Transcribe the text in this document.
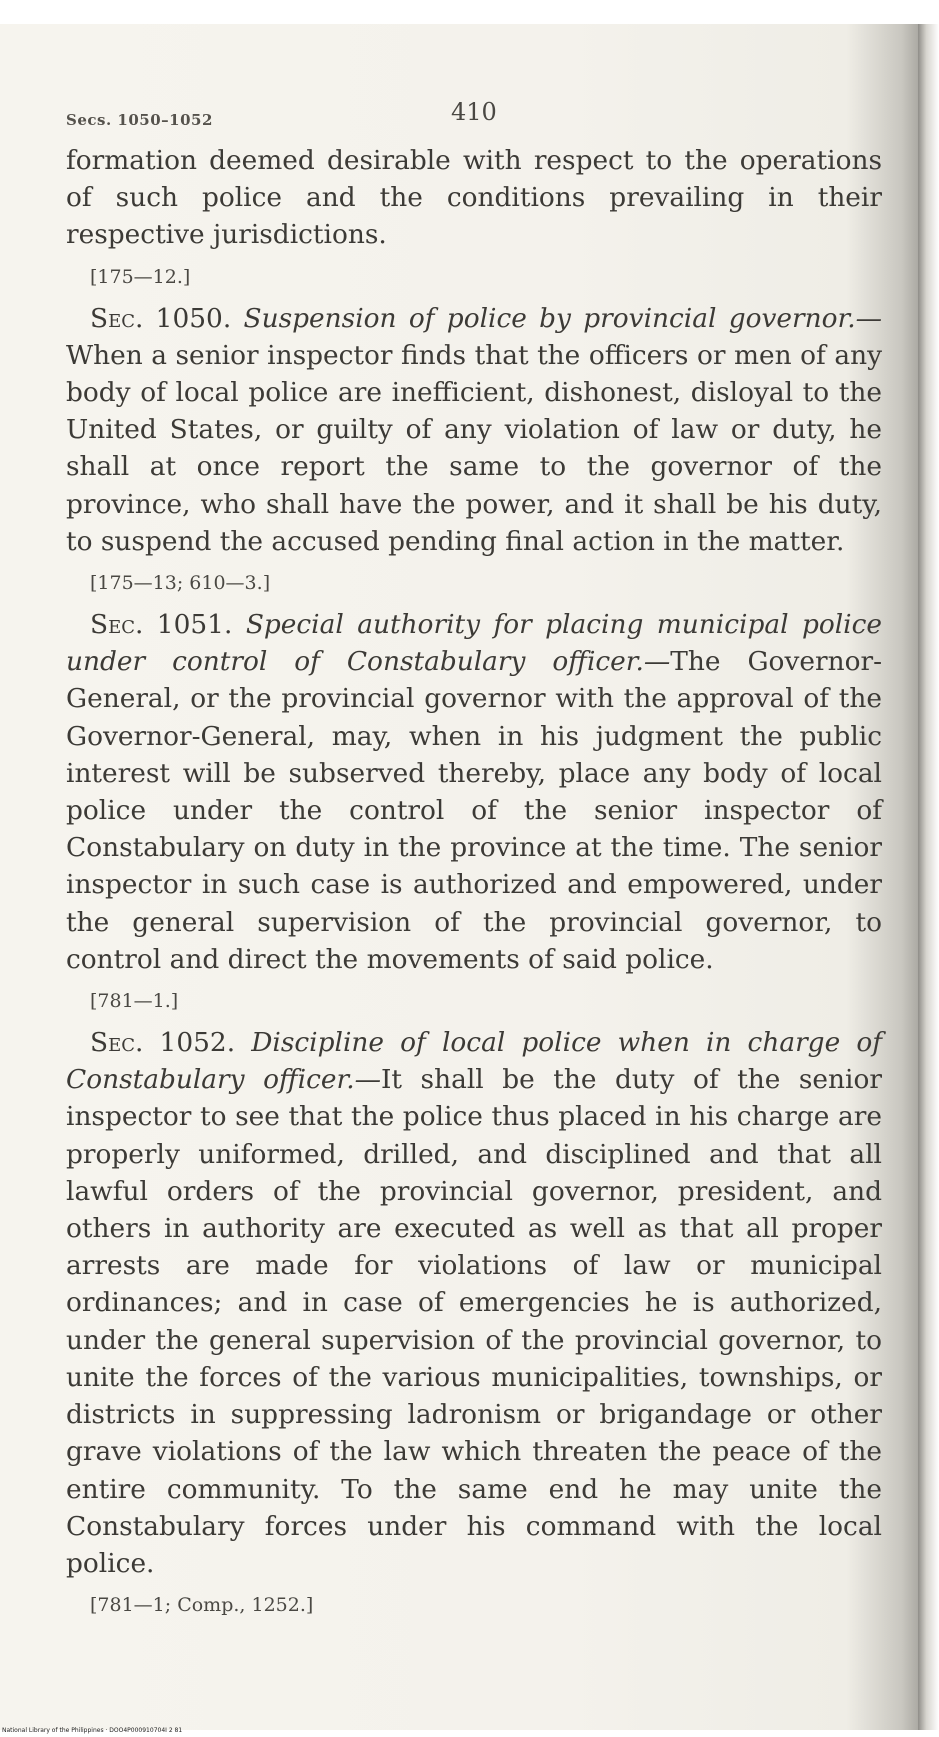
Secs. 1050–1052	410

formation deemed desirable with respect to the operations of such police and the conditions prevailing in their respective jurisdictions.

[175—12.]

Sec. 1050. Suspension of police by provincial governor.—When a senior inspector finds that the officers or men of any body of local police are inefficient, dishonest, disloyal to the United States, or guilty of any violation of law or duty, he shall at once report the same to the governor of the province, who shall have the power, and it shall be his duty, to suspend the accused pending final action in the matter.

[175—13; 610—3.]

Sec. 1051. Special authority for placing municipal police under control of Constabulary officer.—The Governor-General, or the provincial governor with the approval of the Governor-General, may, when in his judgment the public interest will be subserved thereby, place any body of local police under the control of the senior inspector of Constabulary on duty in the province at the time. The senior inspector in such case is authorized and empowered, under the general supervision of the provincial governor, to control and direct the movements of said police.

[781—1.]

Sec. 1052. Discipline of local police when in charge of Constabulary officer.—It shall be the duty of the senior inspector to see that the police thus placed in his charge are properly uniformed, drilled, and disciplined and that all lawful orders of the provincial governor, president, and others in authority are executed as well as that all proper arrests are made for violations of law or municipal ordinances; and in case of emergencies he is authorized, under the general supervision of the provincial governor, to unite the forces of the various municipalities, townships, or districts in suppressing ladronism or brigandage or other grave violations of the law which threaten the peace of the entire community. To the same end he may unite the Constabulary forces under his command with the local police.

[781—1; Comp., 1252.]
National Library of the Philippines · DOO4P000910704I 2 81
